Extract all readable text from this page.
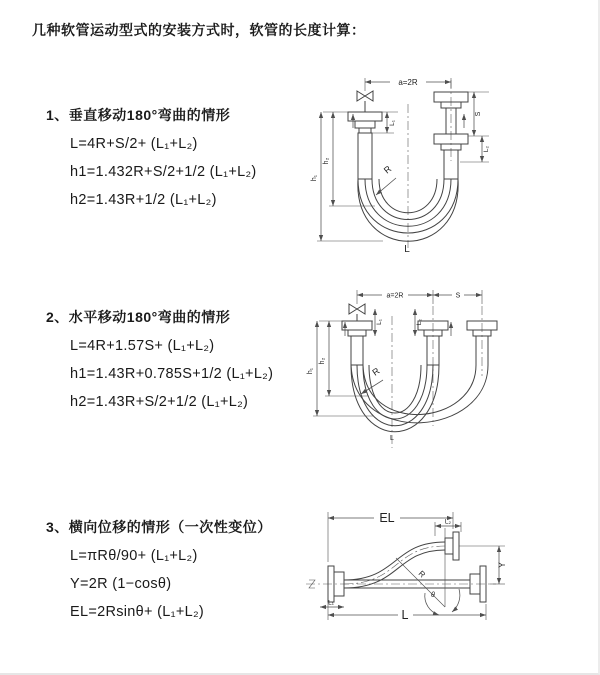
几种软管运动型式的安装方式时，软管的长度计算：
1、垂直移动180°弯曲的情形
L=4R+S/2+ (L₁+L₂)
h1=1.432R+S/2+1/2 (L₁+L₂)
h2=1.43R+1/2 (L₁+L₂)
2、水平移动180°弯曲的情形
L=4R+1.57S+ (L₁+L₂)
h1=1.43R+0.785S+1/2 (L₁+L₂)
h2=1.43R+S/2+1/2 (L₁+L₂)
3、横向位移的情形（一次性变位）
L=πRθ/90+ (L₁+L₂)
Y=2R (1−cosθ)
EL=2Rsinθ+ (L₁+L₂)
a=2R
R
h₁
h₂
L₁
S
L₂
L
a=2R	S
h₁
h₂
L₁	L₂
R
L
EL	L₂
Y
R
θ
L
L₁
